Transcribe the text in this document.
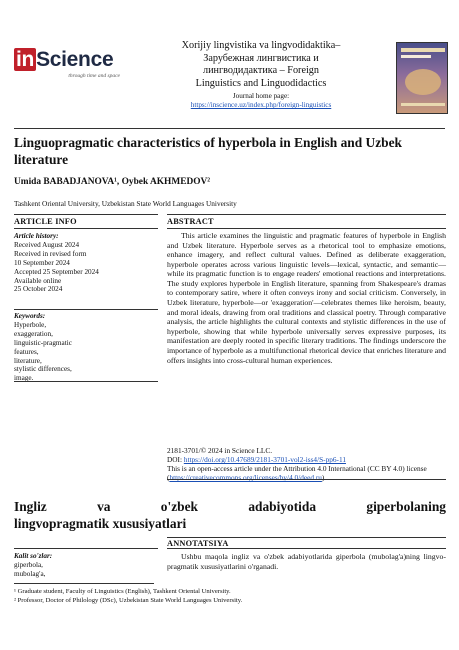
inScience
through time and space
Xorijiy lingvistika va lingvodidaktika–
Зарубежная лингвистика и
лингводидактика – Foreign
Linguistics and Linguodidactics
Journal home page:
https://inscience.uz/index.php/foreign-linguistics
Linguopragmatic characteristics of hyperbola in English and Uzbek literature
Umida BABADJANOVA¹, Oybek AKHMEDOV²
Tashkent Oriental University, Uzbekistan State World Languages University
ARTICLE INFO	ABSTRACT
Article history:
Received August 2024
Received in revised form
10 September 2024
Accepted 25 September 2024
Available online
25 October 2024
Keywords:
Hyperbole,
exaggeration,
linguistic-pragmatic
features,
literature,
stylistic differences,
image.
This article examines the linguistic and pragmatic features of hyperbole in English and Uzbek literature. Hyperbole serves as a rhetorical tool to emphasize emotions, enhance imagery, and reflect cultural values. Defined as deliberate exaggeration, hyperbole operates across various linguistic levels—lexical, syntactic, and semantic—while its pragmatic function is to engage readers' emotional reactions and interpretations. The study explores hyperbole in English literature, spanning from Shakespeare's dramas to contemporary satire, where it often conveys irony and social criticism. Conversely, in Uzbek literature, hyperbole—or 'exaggeration'—celebrates themes like heroism, beauty, and moral ideals, drawing from oral traditions and classical poetry. Through comparative analysis, the article highlights the cultural contexts and stylistic differences in the use of hyperbole, showing that while hyperbole universally serves expressive purposes, its manifestation are deeply rooted in specific literary traditions. The findings underscore the importance of hyperbole as a multifunctional rhetorical device that enriches literature and offers insights into cross-cultural human experiences.
2181-3701/© 2024 in Science LLC.
DOI: https://doi.org/10.47689/2181-3701-vol2-iss4/S-pp6-11
This is an open-access article under the Attribution 4.0 International (CC BY 4.0) license (https://creativecommons.org/licenses/by/4.0/deed.ru)
Ingliz va o'zbek adabiyotida giperbolaning
lingvopragmatik xususiyatlari
ANNOTATSIYA
Kalit so'zlar:
giperbola,
mubolag'a,
Ushbu maqola ingliz va o'zbek adabiyotlarida giperbola (mubolag'a)ning lingvo-pragmatik xususiyatlarini o'rganadi.
¹ Graduate student, Faculty of Linguistics (English), Tashkent Oriental University.
² Professor, Doctor of Philology (DSc), Uzbekistan State World Languages University.
